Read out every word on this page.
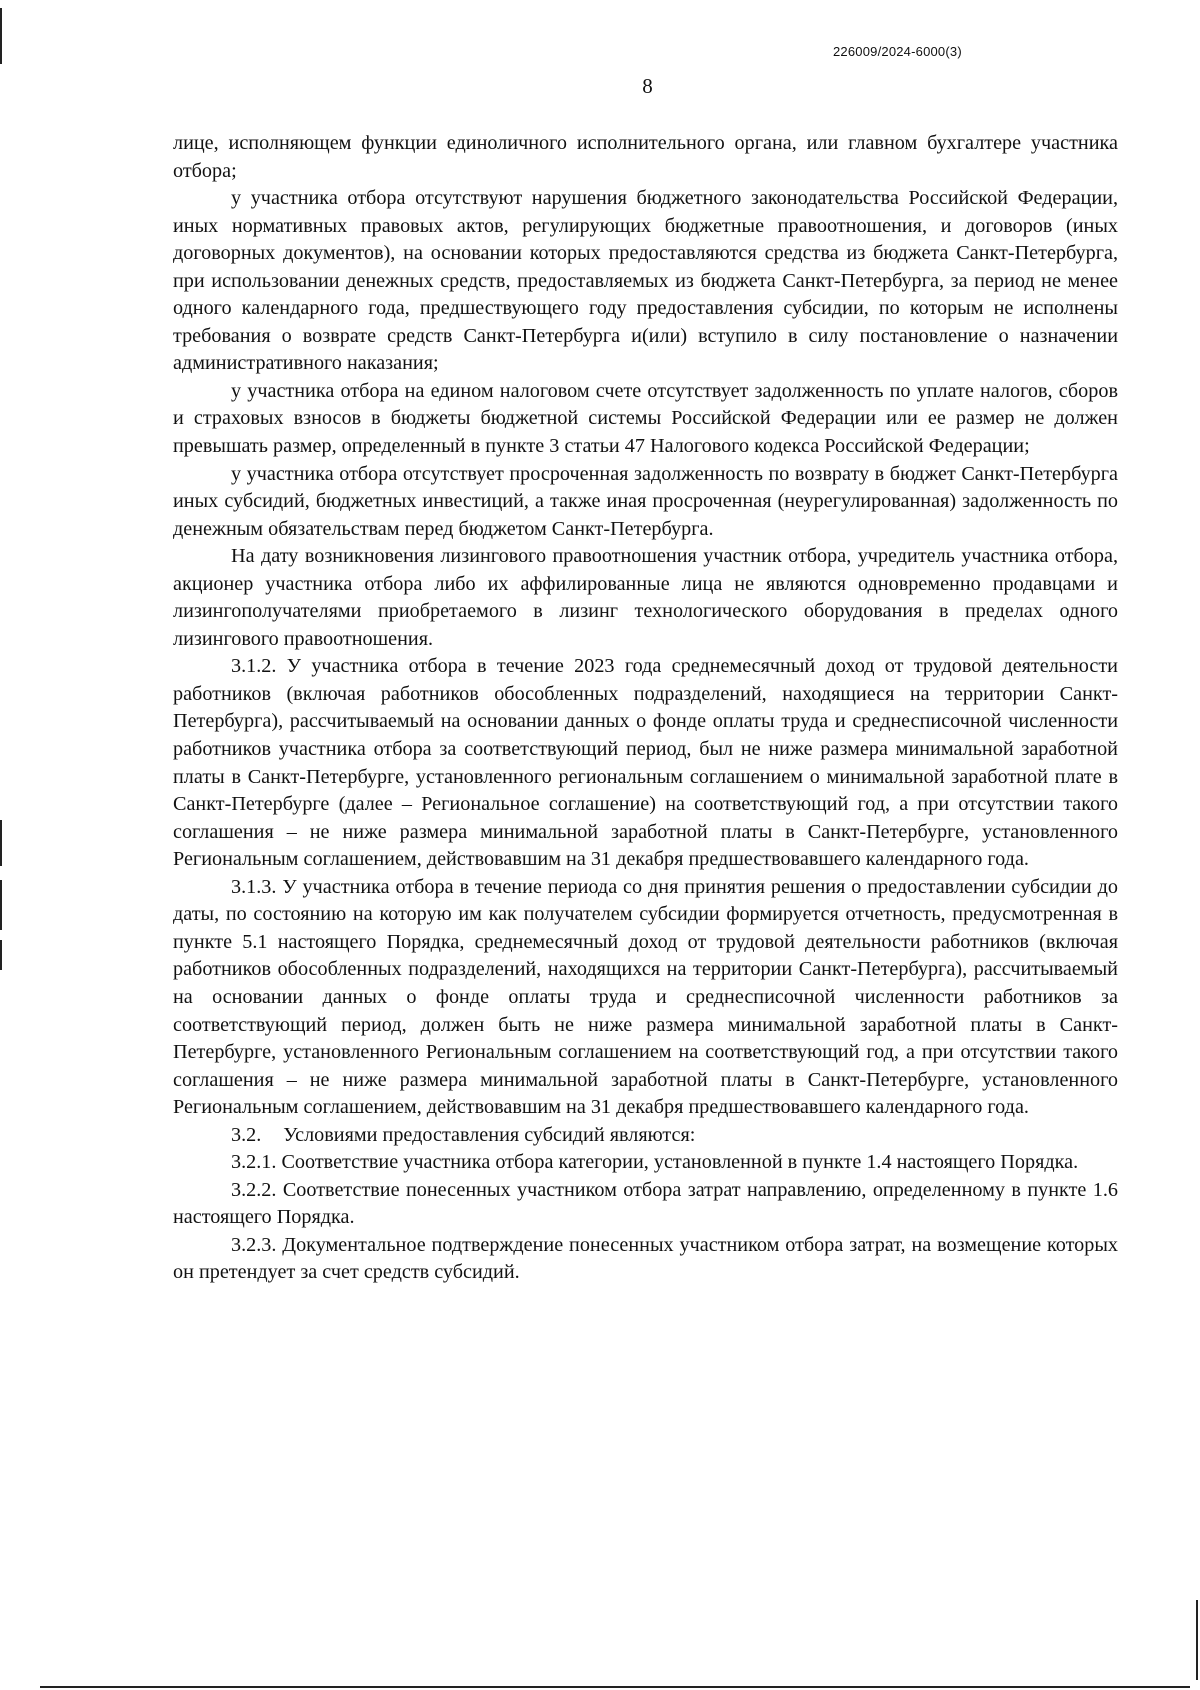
226009/2024-6000(3)
8

лице, исполняющем функции единоличного исполнительного органа, или главном бухгалтере участника отбора;

у участника отбора отсутствуют нарушения бюджетного законодательства Российской Федерации, иных нормативных правовых актов, регулирующих бюджетные правоотношения, и договоров (иных договорных документов), на основании которых предоставляются средства из бюджета Санкт-Петербурга, при использовании денежных средств, предоставляемых из бюджета Санкт-Петербурга, за период не менее одного календарного года, предшествующего году предоставления субсидии, по которым не исполнены требования о возврате средств Санкт-Петербурга и(или) вступило в силу постановление о назначении административного наказания;

у участника отбора на едином налоговом счете отсутствует задолженность по уплате налогов, сборов и страховых взносов в бюджеты бюджетной системы Российской Федерации или ее размер не должен превышать размер, определенный в пункте 3 статьи 47 Налогового кодекса Российской Федерации;

у участника отбора отсутствует просроченная задолженность по возврату в бюджет Санкт-Петербурга иных субсидий, бюджетных инвестиций, а также иная просроченная (неурегулированная) задолженность по денежным обязательствам перед бюджетом Санкт-Петербурга.

На дату возникновения лизингового правоотношения участник отбора, учредитель участника отбора, акционер участника отбора либо их аффилированные лица не являются одновременно продавцами и лизингополучателями приобретаемого в лизинг технологического оборудования в пределах одного лизингового правоотношения.

3.1.2. У участника отбора в течение 2023 года среднемесячный доход от трудовой деятельности работников (включая работников обособленных подразделений, находящиеся на территории Санкт-Петербурга), рассчитываемый на основании данных о фонде оплаты труда и среднесписочной численности работников участника отбора за соответствующий период, был не ниже размера минимальной заработной платы в Санкт-Петербурге, установленного региональным соглашением о минимальной заработной плате в Санкт-Петербурге (далее – Региональное соглашение) на соответствующий год, а при отсутствии такого соглашения – не ниже размера минимальной заработной платы в Санкт-Петербурге, установленного Региональным соглашением, действовавшим на 31 декабря предшествовавшего календарного года.

3.1.3. У участника отбора в течение периода со дня принятия решения о предоставлении субсидии до даты, по состоянию на которую им как получателем субсидии формируется отчетность, предусмотренная в пункте 5.1 настоящего Порядка, среднемесячный доход от трудовой деятельности работников (включая работников обособленных подразделений, находящихся на территории Санкт-Петербурга), рассчитываемый на основании данных о фонде оплаты труда и среднесписочной численности работников за соответствующий период, должен быть не ниже размера минимальной заработной платы в Санкт-Петербурге, установленного Региональным соглашением на соответствующий год, а при отсутствии такого соглашения – не ниже размера минимальной заработной платы в Санкт-Петербурге, установленного Региональным соглашением, действовавшим на 31 декабря предшествовавшего календарного года.

3.2. Условиями предоставления субсидий являются:

3.2.1. Соответствие участника отбора категории, установленной в пункте 1.4 настоящего Порядка.

3.2.2. Соответствие понесенных участником отбора затрат направлению, определенному в пункте 1.6 настоящего Порядка.

3.2.3. Документальное подтверждение понесенных участником отбора затрат, на возмещение которых он претендует за счет средств субсидий.
